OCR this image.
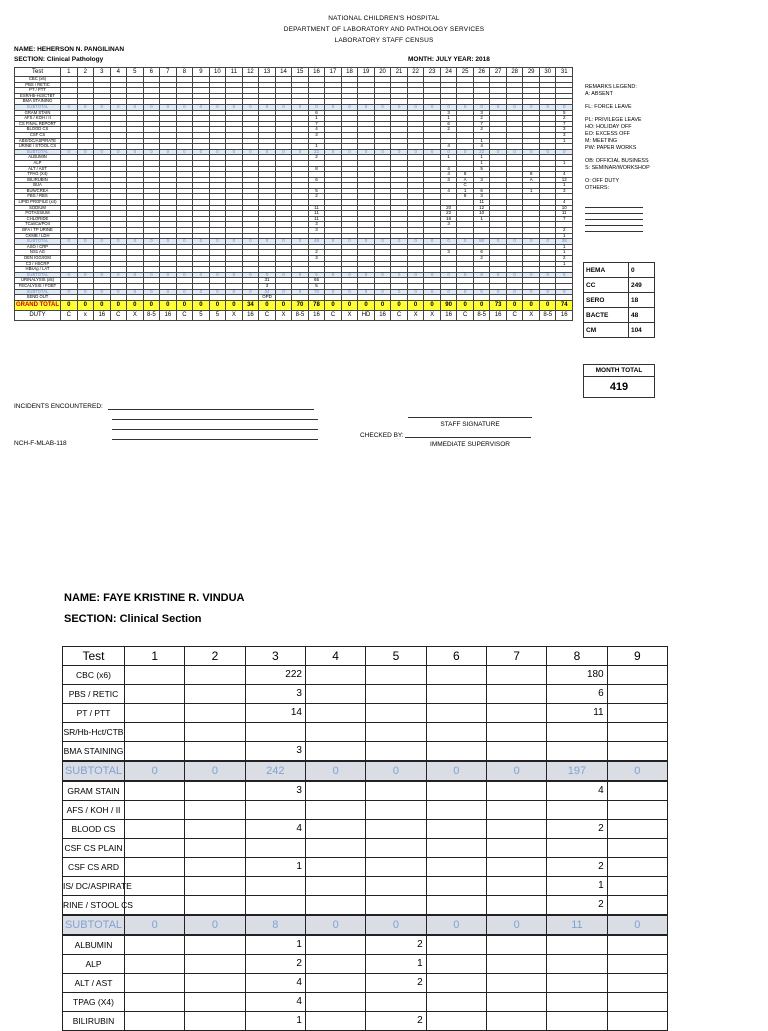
NATIONAL CHILDREN'S HOSPITAL
DEPARTMENT OF LABORATORY AND PATHOLOGY SERVICES
LABORATORY STAFF CENSUS
NAME: HEHERSON N. PANGILINAN
SECTION: Clinical Pathology	MONTH: JULY YEAR: 2018
Test	1	2	3	4	5	6	7	8	9	10	11	12	13	14	15	16	17	18	19	20	21	22	23	24	25	26	27	28	29	30	31
CBC (x6)																															
PBS / RETIC																															
PT / PTT																															
ESR/Hb-Hct/CTBT																															
BMA STAINING																															
SUBTOTAL	0	0	0	0	0	0	0	0	0	0	0	0	0	0	0	0	0	0	0	0	0	0	0	0	0	0	0	0	0	0	0
GRAM STAIN																6								3		3					5
AFS / KOH / II																1								1		2					2
CS FINAL REPORT																7								6		7					7
BLOOD CS																4								2		2					3
CSF CS																3															3
ABS/DC/ASPIRATE																										1					1
URINE / STOOL CS																1								4		4					
SUBTOTAL	0	0	0	0	0	0	0	0	0	0	0	0	0	0	0	22	0	0	0	0	0	0	0	0	0	22	0	0	0	0	0
ALBUMIN																2								1		1					
ALP																										1					1
ALT / AST																8								4		5					
TPAG (X4)																								4	8				8		4
BILIRUBIN																6								3	A	3			A		12
BUA																									C						1
BUN/CREA																5								4	1	6			1		3
FBS / RBS																2									8	3					
LIPID PROFILE (x4)																										11					4
SODIUM																11								20		12					10
POTASSIUM																11								22		10					11
CHLORIDE																11								16		1					7
TCa/iCa/PO4																3								3							
BFA / TP URINE																3															2
CKMB / LDH																															1
SUBTOTAL	0	0	0	0	0	0	0	0	0	0	0	0	0	0	0	48	0	0	0	0	0	0	0	0	0	50	0	0	0	0	38
ASO / CRP																															1
NS1 AG																2								3		6					1
DEN IGG/IGM																3										2					2
C3 / HSCRP																															1
HBsAg / LAT																															
SUBTOTAL	0	0	0	0	0	0	0	0	0	0	0	0	0	0	0	5	0	0	0	0	0	0	0	0	0	8	0	0	0	0	5
URINALYSIS (x5)													31			65															
FECALYSIS / FOBT													3			5															
SUBTOTAL	0	0	0	0	0	0	0	0	0	0	0	0	34	0	0	70	0	0	0	0	0	0	0	0	0	0	0	0	0	0	0
SEND OUT													OPD																		
GRAND TOTAL	0	0	0	0	0	0	0	0	0	0	0	34	0	0	70	78	0	0	0	0	0	0	0	90	0	0	73	0	0	0	74
DUTY	C	x	16	C	X	8-5	16	C	5	5	X	16	C	X	8-5	16	C	X	HD	16	C	X	X	16	C	8-5	16	C	X	8-5	16
REMARKS LEGEND:
A: ABSENT
FL: FORCE LEAVE
PL: PRIVILEGE LEAVE
HO: HOLIDAY OFF
EO: EXCESS OFF
M: MEETING
PW: PAPER WORKS
OB: OFFICIAL BUSINESS
S: SEMINAR/WORKSHOP
O: OFF DUTY
OTHERS:
HEMA	0
CC	249
SERO	18
BACTE	48
CM	104
MONTH TOTAL
419
INCIDENTS ENCOUNTERED:
STAFF SIGNATURE
CHECKED BY:
IMMEDIATE SUPERVISOR
NCH-F-MLAB-118
NAME: FAYE KRISTINE R. VINDUA
SECTION: Clinical Section
Test	1	2	3	4	5	6	7	8	9
CBC (x6)			222					180	
PBS / RETIC			3					6	
PT / PTT			14					11	
SR/Hb-Hct/CTB									
BMA STAINING			3						
SUBTOTAL	0	0	242	0	0	0	0	197	0
GRAM STAIN			3					4	
AFS / KOH / II									
BLOOD CS			4					2	
CSF CS PLAIN									
CSF CS ARD			1					2	
IS/ DC/ASPIRATE								1	
RINE / STOOL CS								2	
SUBTOTAL	0	0	8	0	0	0	0	11	0
ALBUMIN			1		2				
ALP			2		1				
ALT / AST			4		2				
TPAG (X4)			4						
BILIRUBIN			1		2				
